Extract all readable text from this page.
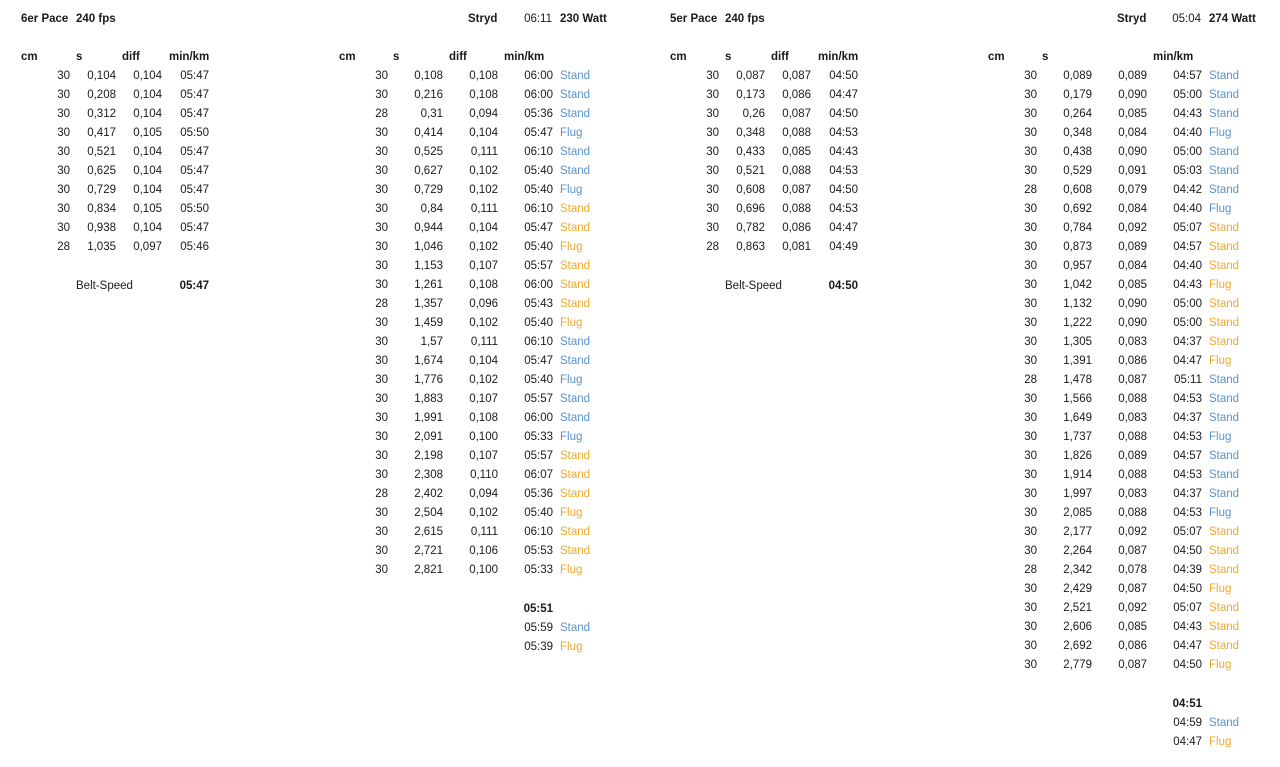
6er Pace 240 fps
cm	s	diff	min/km
30	0,104	0,104	05:47
30	0,208	0,104	05:47
30	0,312	0,104	05:47
30	0,417	0,105	05:50
30	0,521	0,104	05:47
30	0,625	0,104	05:47
30	0,729	0,104	05:47
30	0,834	0,105	05:50
30	0,938	0,104	05:47
28	1,035	0,097	05:46
Belt-Speed	05:47
Stryd	06:11 230 Watt
cm	s	diff	min/km
30	0,108	0,108	06:00 Stand
30	0,216	0,108	06:00 Stand
28	0,31	0,094	05:36 Stand
30	0,414	0,104	05:47 Flug
30	0,525	0,111	06:10 Stand
30	0,627	0,102	05:40 Stand
30	0,729	0,102	05:40 Flug
30	0,84	0,111	06:10 Stand
30	0,944	0,104	05:47 Stand
30	1,046	0,102	05:40 Flug
30	1,153	0,107	05:57 Stand
30	1,261	0,108	06:00 Stand
28	1,357	0,096	05:43 Stand
30	1,459	0,102	05:40 Flug
30	1,57	0,111	06:10 Stand
30	1,674	0,104	05:47 Stand
30	1,776	0,102	05:40 Flug
30	1,883	0,107	05:57 Stand
30	1,991	0,108	06:00 Stand
30	2,091	0,100	05:33 Flug
30	2,198	0,107	05:57 Stand
30	2,308	0,110	06:07 Stand
28	2,402	0,094	05:36 Stand
30	2,504	0,102	05:40 Flug
30	2,615	0,111	06:10 Stand
30	2,721	0,106	05:53 Stand
30	2,821	0,100	05:33 Flug
05:51
05:59 Stand
05:39 Flug
5er Pace 240 fps
cm	s	diff	min/km
30	0,087	0,087	04:50
30	0,173	0,086	04:47
30	0,26	0,087	04:50
30	0,348	0,088	04:53
30	0,433	0,085	04:43
30	0,521	0,088	04:53
30	0,608	0,087	04:50
30	0,696	0,088	04:53
30	0,782	0,086	04:47
28	0,863	0,081	04:49
Belt-Speed	04:50
Stryd	05:04 274 Watt
cm	s	min/km
30	0,089	0,089	04:57 Stand
30	0,179	0,090	05:00 Stand
30	0,264	0,085	04:43 Stand
30	0,348	0,084	04:40 Flug
30	0,438	0,090	05:00 Stand
30	0,529	0,091	05:03 Stand
28	0,608	0,079	04:42 Stand
30	0,692	0,084	04:40 Flug
30	0,784	0,092	05:07 Stand
30	0,873	0,089	04:57 Stand
30	0,957	0,084	04:40 Stand
30	1,042	0,085	04:43 Flug
30	1,132	0,090	05:00 Stand
30	1,222	0,090	05:00 Stand
30	1,305	0,083	04:37 Stand
30	1,391	0,086	04:47 Flug
28	1,478	0,087	05:11 Stand
30	1,566	0,088	04:53 Stand
30	1,649	0,083	04:37 Stand
30	1,737	0,088	04:53 Flug
30	1,826	0,089	04:57 Stand
30	1,914	0,088	04:53 Stand
30	1,997	0,083	04:37 Stand
30	2,085	0,088	04:53 Flug
30	2,177	0,092	05:07 Stand
30	2,264	0,087	04:50 Stand
28	2,342	0,078	04:39 Stand
30	2,429	0,087	04:50 Flug
30	2,521	0,092	05:07 Stand
30	2,606	0,085	04:43 Stand
30	2,692	0,086	04:47 Stand
30	2,779	0,087	04:50 Flug
04:51
04:59 Stand
04:47 Flug
